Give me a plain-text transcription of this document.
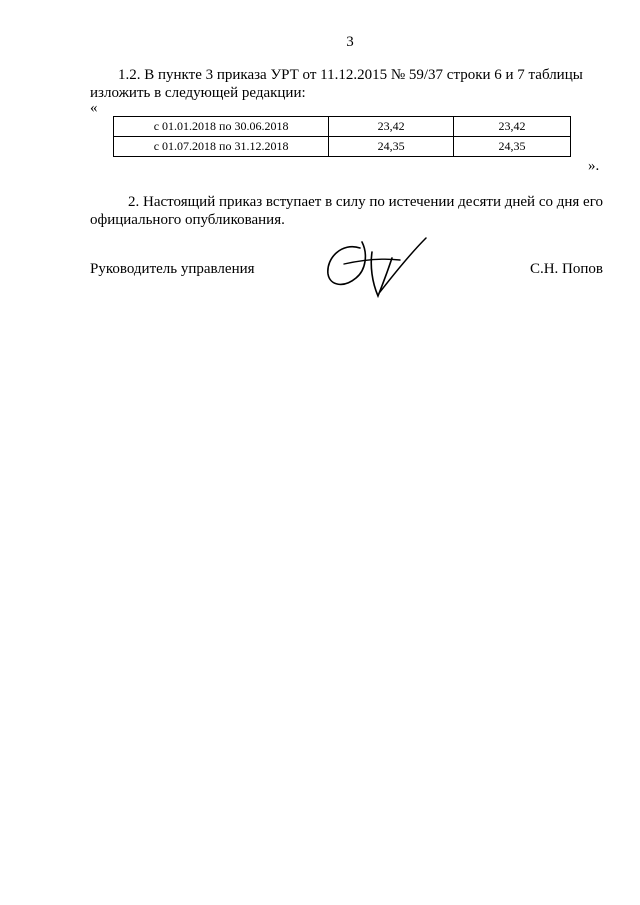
3
1.2. В пункте 3 приказа УРТ от 11.12.2015 № 59/37 строки 6 и 7 таблицы
изложить в следующей редакции:
«
с 01.01.2018 по 30.06.2018	23,42	23,42
с 01.07.2018 по 31.12.2018	24,35	24,35
».
2. Настоящий приказ вступает в силу по истечении десяти дней со дня его
официального опубликования.
Руководитель управления	С.Н. Попов
